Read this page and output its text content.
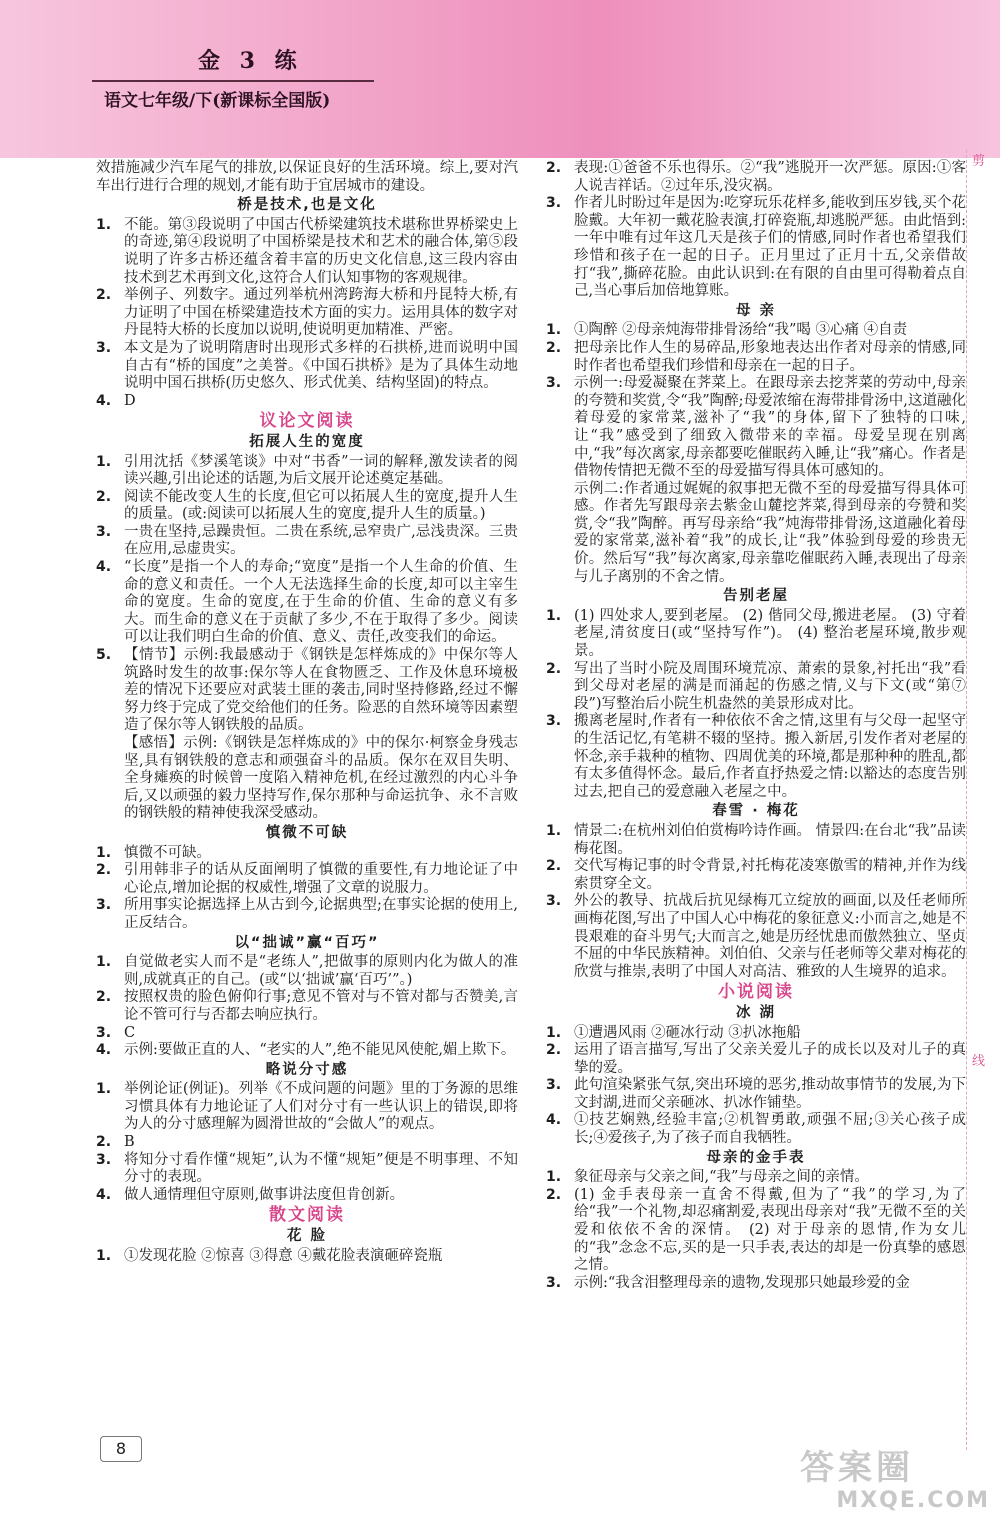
金 3 练
语文七年级/下(新课标全国版)
剪
线
效措施减少汽车尾气的排放,以保证良好的生活环境。综上,要对汽车出行进行合理的规划,才能有助于宜居城市的建设。
桥是技术,也是文化
1. 不能。第③段说明了中国古代桥梁建筑技术堪称世界桥梁史上的奇迹,第④段说明了中国桥梁是技术和艺术的融合体,第⑤段说明了许多古桥还蕴含着丰富的历史文化信息,这三段内容由技术到艺术再到文化,这符合人们认知事物的客观规律。
2. 举例子、列数字。通过列举杭州湾跨海大桥和丹昆特大桥,有力证明了中国在桥梁建造技术方面的实力。运用具体的数字对丹昆特大桥的长度加以说明,使说明更加精准、严密。
3. 本文是为了说明隋唐时出现形式多样的石拱桥,进而说明中国自古有“桥的国度”之美誉。《中国石拱桥》是为了具体生动地说明中国石拱桥(历史悠久、形式优美、结构坚固)的特点。
4. D
议论文阅读
拓展人生的宽度
1. 引用沈括《梦溪笔谈》中对“书香”一词的解释,激发读者的阅读兴趣,引出论述的话题,为后文展开论述奠定基础。
2. 阅读不能改变人生的长度,但它可以拓展人生的宽度,提升人生的质量。(或:阅读可以拓展人生的宽度,提升人生的质量。)
3. 一贵在坚持,忌躁贵恒。二贵在系统,忌窄贵广,忌浅贵深。三贵在应用,忌虚贵实。
4. “长度”是指一个人的寿命;“宽度”是指一个人生命的价值、生命的意义和责任。一个人无法选择生命的长度,却可以主宰生命的宽度。生命的宽度,在于生命的价值、生命的意义有多大。而生命的意义在于贡献了多少,不在于取得了多少。阅读可以让我们明白生命的价值、意义、责任,改变我们的命运。
5. 【情节】示例:我最感动于《钢铁是怎样炼成的》中保尔等人筑路时发生的故事:保尔等人在食物匮乏、工作及休息环境极差的情况下还要应对武装土匪的袭击,同时坚持修路,经过不懈努力终于完成了党交给他们的任务。险恶的自然环境等因素塑造了保尔等人钢铁般的品质。
【感悟】示例:《钢铁是怎样炼成的》中的保尔·柯察金身残志坚,具有钢铁般的意志和顽强奋斗的品质。保尔在双目失明、全身瘫痪的时候曾一度陷入精神危机,在经过激烈的内心斗争后,又以顽强的毅力坚持写作,保尔那种与命运抗争、永不言败的钢铁般的精神使我深受感动。
慎微不可缺
1. 慎微不可缺。
2. 引用韩非子的话从反面阐明了慎微的重要性,有力地论证了中心论点,增加论据的权威性,增强了文章的说服力。
3. 所用事实论据选择上从古到今,论据典型;在事实论据的使用上,正反结合。
以“拙诚”赢“百巧”
1. 自觉做老实人而不是“老练人”,把做事的原则内化为做人的准则,成就真正的自己。(或“以‘拙诚’赢‘百巧’”。)
2. 按照权贵的脸色俯仰行事;意见不管对与不管对都与否赞美,言论不管可行与否都去响应执行。
3. C
4. 示例:要做正直的人、“老实的人”,绝不能见风使舵,媚上欺下。
略说分寸感
1. 举例论证(例证)。列举《不成问题的问题》里的丁务源的思维习惯具体有力地论证了人们对分寸有一些认识上的错误,即将为人的分寸感理解为圆滑世故的“会做人”的观点。
2. B
3. 将知分寸看作懂“规矩”,认为不懂“规矩”便是不明事理、不知分寸的表现。
4. 做人通情理但守原则,做事讲法度但肯创新。
散文阅读
花 脸
1. ①发现花脸 ②惊喜 ③得意 ④戴花脸表演砸碎瓷瓶
2. 表现:①爸爸不乐也得乐。②“我”逃脱开一次严惩。原因:①客人说吉祥话。②过年乐,没灾祸。
3. 作者儿时盼过年是因为:吃穿玩乐花样多,能收到压岁钱,买个花脸戴。大年初一戴花脸表演,打碎瓷瓶,却逃脱严惩。由此悟到:一年中唯有过年这几天是孩子们的情感,同时作者也希望我们珍惜和孩子在一起的日子。正月里过了正月十五,父亲借故打“我”,撕碎花脸。由此认识到:在有限的自由里可得勒着点自己,当心事后加倍地算账。
母 亲
1. ①陶醉 ②母亲炖海带排骨汤给“我”喝 ③心痛 ④自责
2. 把母亲比作人生的易碎品,形象地表达出作者对母亲的情感,同时作者也希望我们珍惜和母亲在一起的日子。
3. 示例一:母爱凝聚在荠菜上。在跟母亲去挖荠菜的劳动中,母亲的夸赞和奖赏,令“我”陶醉;母爱浓缩在海带排骨汤中,这道融化着母爱的家常菜,滋补了“我”的身体,留下了独特的口味,让“我”感受到了细致入微带来的幸福。母爱呈现在别离中,“我”每次离家,母亲都要吃催眠药入睡,让“我”痛心。作者是借物传情把无微不至的母爱描写得具体可感知的。
示例二:作者通过娓娓的叙事把无微不至的母爱描写得具体可感。作者先写跟母亲去紫金山麓挖荠菜,得到母亲的夸赞和奖赏,令“我”陶醉。再写母亲给“我”炖海带排骨汤,这道融化着母爱的家常菜,滋补着“我”的成长,让“我”体验到母爱的珍贵无价。然后写“我”每次离家,母亲靠吃催眠药入睡,表现出了母亲与儿子离别的不舍之情。
告别老屋
1. (1) 四处求人,要到老屋。 (2) 偕同父母,搬进老屋。 (3) 守着老屋,清贫度日(或“坚持写作”)。 (4) 整治老屋环境,散步观景。
2. 写出了当时小院及周围环境荒凉、萧索的景象,衬托出“我”看到父母对老屋的满是而涌起的伤感之情,义与下文(或“第⑦段”)写整治后小院生机盎然的美景形成对比。
3. 搬离老屋时,作者有一种依依不舍之情,这里有与父母一起坚守的生活记忆,有笔耕不辍的坚持。搬入新居,引发作者对老屋的怀念,亲手栽种的植物、四周优美的环境,都是那种种的胜乱,都有太多值得怀念。最后,作者直抒热爱之情:以豁达的态度告别过去,把自己的爱意融入老屋之中。
春雪 · 梅花
1. 情景二:在杭州刘伯伯赏梅吟诗作画。 情景四:在台北“我”品读梅花图。
2. 交代写梅记事的时令背景,衬托梅花凌寒傲雪的精神,并作为线索贯穿全文。
3. 外公的教导、抗战后抗见绿梅兀立绽放的画面,以及任老师所画梅花图,写出了中国人心中梅花的象征意义:小而言之,她是不畏艰难的奋斗男气;大而言之,她是历经忧患而傲然独立、坚贞不屈的中华民族精神。刘伯伯、父亲与任老师等父辈对梅花的欣赏与推崇,表明了中国人对高洁、雅致的人生境界的追求。
小说阅读
冰 湖
1. ①遭遇风雨 ②砸冰行动 ③扒冰拖船
2. 运用了语言描写,写出了父亲关爱儿子的成长以及对儿子的真挚的爱。
3. 此句渲染紧张气氛,突出环境的恶劣,推动故事情节的发展,为下文封湖,进而父亲砸冰、扒冰作铺垫。
4. ①技艺娴熟,经验丰富;②机智勇敢,顽强不屈;③关心孩子成长;④爱孩子,为了孩子而自我牺牲。
母亲的金手表
1. 象征母亲与父亲之间,“我”与母亲之间的亲情。
2. (1) 金手表母亲一直舍不得戴,但为了“我”的学习,为了给“我”一个礼物,却忍痛割爱,表现出母亲对“我”无微不至的关爱和依依不舍的深情。 (2) 对于母亲的恩情,作为女儿的“我”念念不忘,买的是一只手表,表达的却是一份真挚的感恩之情。
3. 示例:“我含泪整理母亲的遗物,发现那只她最珍爱的金
8	答案圈
MXQE.COM
